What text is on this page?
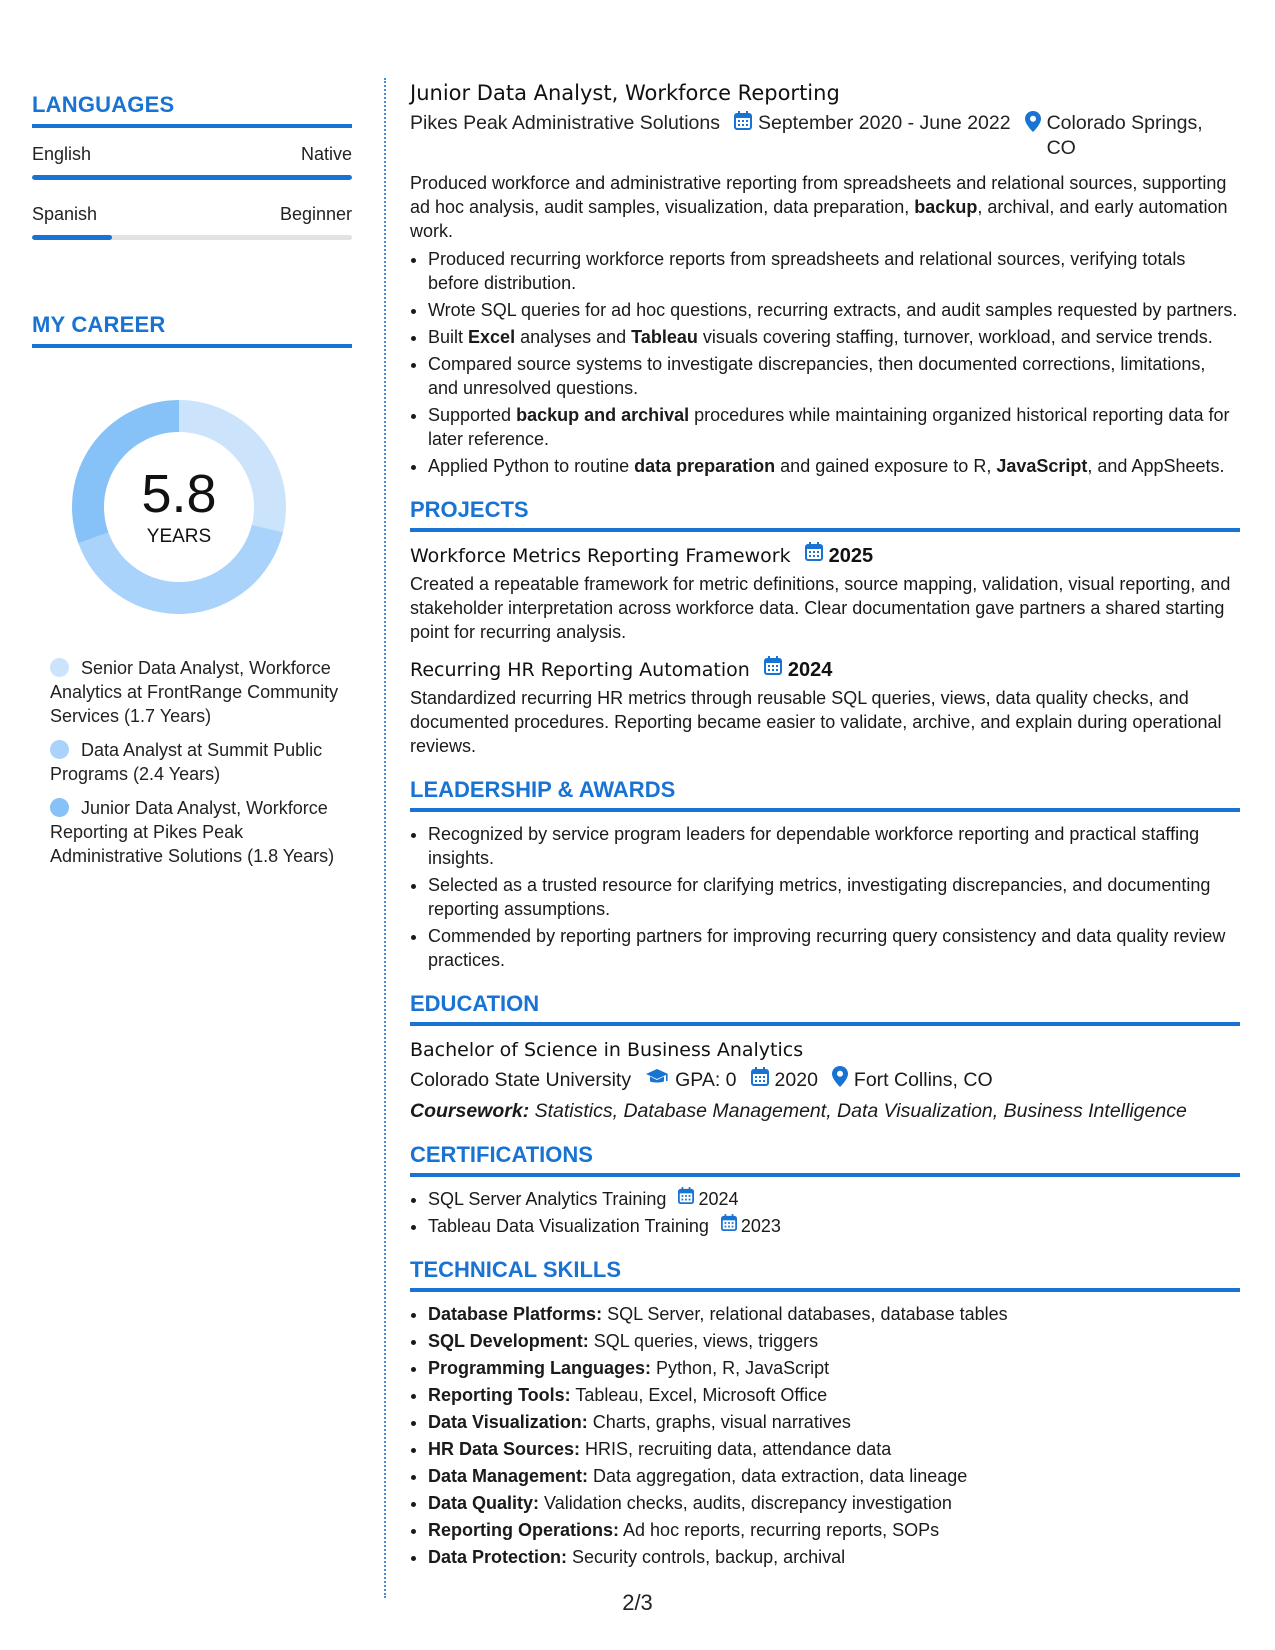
LANGUAGES
English	Native
Spanish	Beginner
MY CAREER
5.8
YEARS
Senior Data Analyst, Workforce Analytics at FrontRange Community Services (1.7 Years)
Data Analyst at Summit Public Programs (2.4 Years)
Junior Data Analyst, Workforce Reporting at Pikes Peak Administrative Solutions (1.8 Years)
Junior Data Analyst, Workforce Reporting
Pikes Peak Administrative Solutions September 2020 - June 2022 Colorado Springs, CO

Produced workforce and administrative reporting from spreadsheets and relational sources, supporting ad hoc analysis, audit samples, visualization, data preparation, backup, archival, and early automation work.

• Produced recurring workforce reports from spreadsheets and relational sources, verifying totals before distribution.
• Wrote SQL queries for ad hoc questions, recurring extracts, and audit samples requested by partners.
• Built Excel analyses and Tableau visuals covering staffing, turnover, workload, and service trends.
• Compared source systems to investigate discrepancies, then documented corrections, limitations, and unresolved questions.
• Supported backup and archival procedures while maintaining organized historical reporting data for later reference.
• Applied Python to routine data preparation and gained exposure to R, JavaScript, and AppSheets.
PROJECTS
Workforce Metrics Reporting Framework 2025

Created a repeatable framework for metric definitions, source mapping, validation, visual reporting, and stakeholder interpretation across workforce data. Clear documentation gave partners a shared starting point for recurring analysis.

Recurring HR Reporting Automation 2024

Standardized recurring HR metrics through reusable SQL queries, views, data quality checks, and documented procedures. Reporting became easier to validate, archive, and explain during operational reviews.

LEADERSHIP & AWARDS
• Recognized by service program leaders for dependable workforce reporting and practical staffing insights.
• Selected as a trusted resource for clarifying metrics, investigating discrepancies, and documenting reporting assumptions.
• Commended by reporting partners for improving recurring query consistency and data quality review practices.
EDUCATION
Bachelor of Science in Business Analytics
Colorado State University GPA: 0 2020 Fort Collins, CO
Coursework: Statistics, Database Management, Data Visualization, Business Intelligence
CERTIFICATIONS
• SQL Server Analytics Training 2024
• Tableau Data Visualization Training 2023
TECHNICAL SKILLS
• Database Platforms: SQL Server, relational databases, database tables
• SQL Development: SQL queries, views, triggers
• Programming Languages: Python, R, JavaScript
• Reporting Tools: Tableau, Excel, Microsoft Office
• Data Visualization: Charts, graphs, visual narratives
• HR Data Sources: HRIS, recruiting data, attendance data
• Data Management: Data aggregation, data extraction, data lineage
• Data Quality: Validation checks, audits, discrepancy investigation
• Reporting Operations: Ad hoc reports, recurring reports, SOPs
• Data Protection: Security controls, backup, archival
2/3
